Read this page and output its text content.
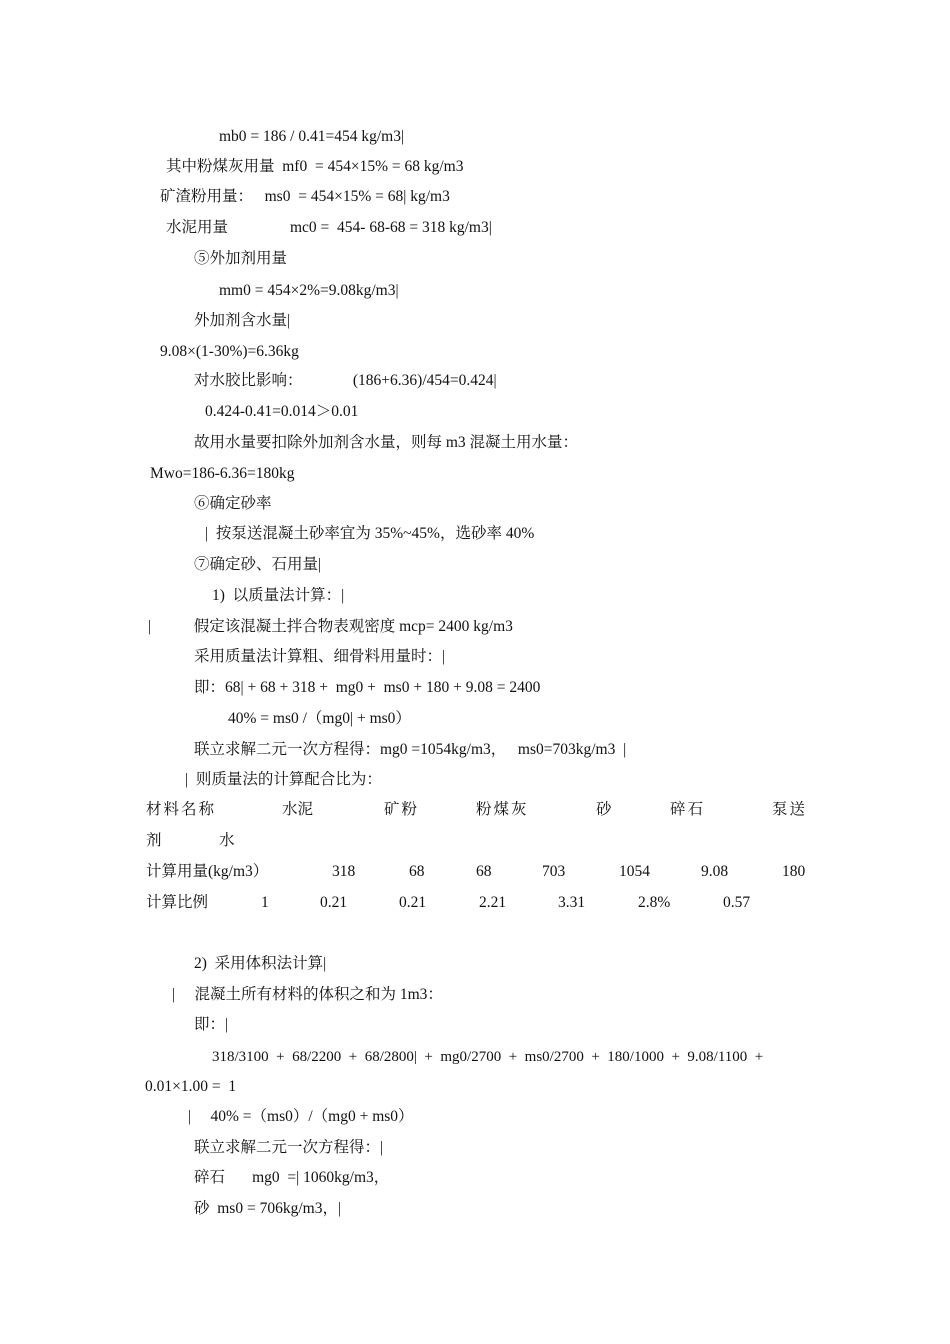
mb0 = 186 / 0.41=454 kg/m3|
其中粉煤灰用量  mf0  = 454×15% = 68 kg/m3
矿渣粉用量：   ms0  = 454×15% = 68| kg/m3
水泥用量                mc0 =  454- 68-68 = 318 kg/m3|
⑤外加剂用量
mm0 = 454×2%=9.08kg/m3|
外加剂含水量|
9.08×(1-30%)=6.36kg
对水胶比影响：             (186+6.36)/454=0.424|
0.424-0.41=0.014＞0.01
故用水量要扣除外加剂含水量，则每 m3 混凝土用水量：
Mwo=186-6.36=180kg
⑥确定砂率
|  按泵送混凝土砂率宜为 35%~45%，选砂率 40%
⑦确定砂、石用量|
1)  以质量法计算：|
|           假定该混凝土拌合物表观密度 mcp= 2400 kg/m3
采用质量法计算粗、细骨料用量时：|
即：68| + 68 + 318 +  mg0 +  ms0 + 180 + 9.08 = 2400
40% = ms0 /（mg0| + ms0）
联立求解二元一次方程得：mg0 =1054kg/m3，   ms0=703kg/m3  |
|  则质量法的计算配合比为：
材料名称	水泥	矿粉	粉煤灰	砂	碎石	泵送
剂	水
计算用量(kg/m3）	318	68	68	703	1054	9.08	180
计算比例	1	0.21	0.21	2.21	3.31	2.8%	0.57
2)  采用体积法计算|
|     混凝土所有材料的体积之和为 1m3：
即：|
318/3100  +  68/2200  +  68/2800|  +  mg0/2700  +  ms0/2700  +  180/1000  +  9.08/1100  +
0.01×1.00 =  1
|     40% =（ms0）/（mg0 + ms0）
联立求解二元一次方程得：|
碎石       mg0  =| 1060kg/m3，
砂  ms0 = 706kg/m3，|
